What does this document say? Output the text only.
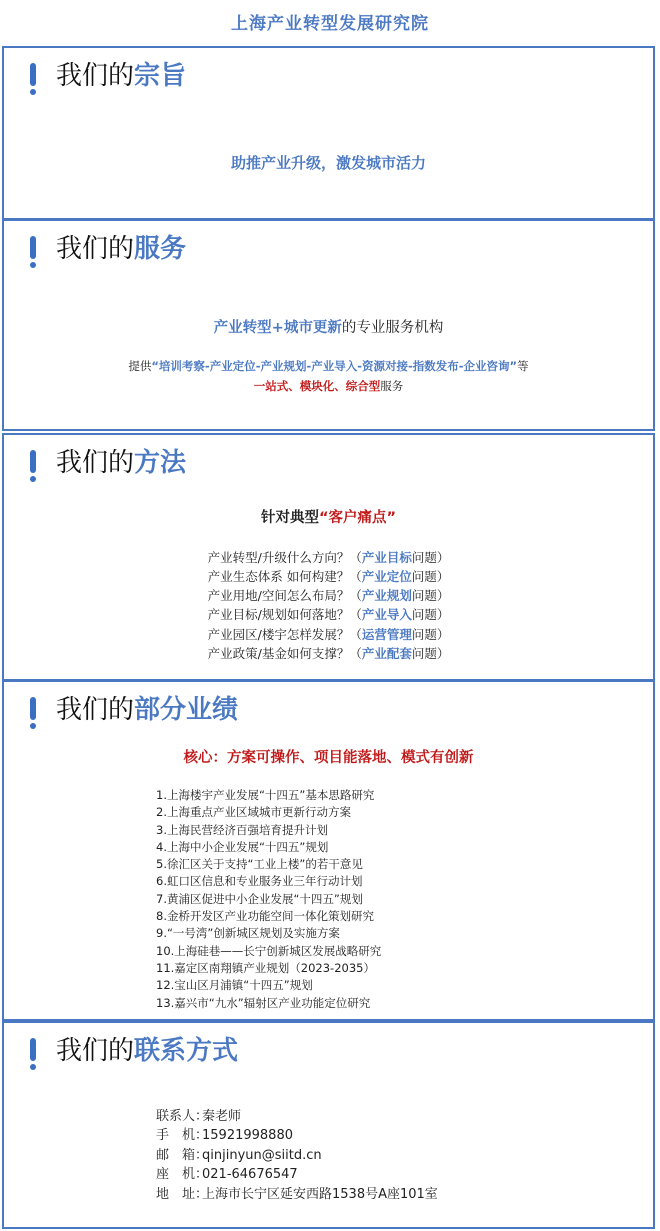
上海产业转型发展研究院
我们的宗旨
助推产业升级，激发城市活力
我们的服务
产业转型+城市更新的专业服务机构
提供“培训考察-产业定位-产业规划-产业导入-资源对接-指数发布-企业咨询”等
一站式、模块化、综合型服务
我们的方法
针对典型“客户痛点”
产业转型/升级什么方向？（产业目标问题）
产业生态体系 如何构建？（产业定位问题）
产业用地/空间怎么布局？（产业规划问题）
产业目标/规划如何落地？（产业导入问题）
产业园区/楼宇怎样发展？（运营管理问题）
产业政策/基金如何支撑？（产业配套问题）
我们的部分业绩
核心：方案可操作、项目能落地、模式有创新
1.上海楼宇产业发展“十四五”基本思路研究
2.上海重点产业区域城市更新行动方案
3.上海民营经济百强培育提升计划
4.上海中小企业发展“十四五”规划
5.徐汇区关于支持“工业上楼”的若干意见
6.虹口区信息和专业服务业三年行动计划
7.黄浦区促进中小企业发展“十四五”规划
8.金桥开发区产业功能空间一体化策划研究
9.“一号湾”创新城区规划及实施方案
10.上海硅巷——长宁创新城区发展战略研究
11.嘉定区南翔镇产业规划（2023-2035）
12.宝山区月浦镇“十四五”规划
13.嘉兴市“九水”辐射区产业功能定位研究
我们的联系方式
联系人：秦老师
手　机：15921998880
邮　箱：qinjinyun@siitd.cn
座　机：021-64676547
地　址：上海市长宁区延安西路1538号A座101室
